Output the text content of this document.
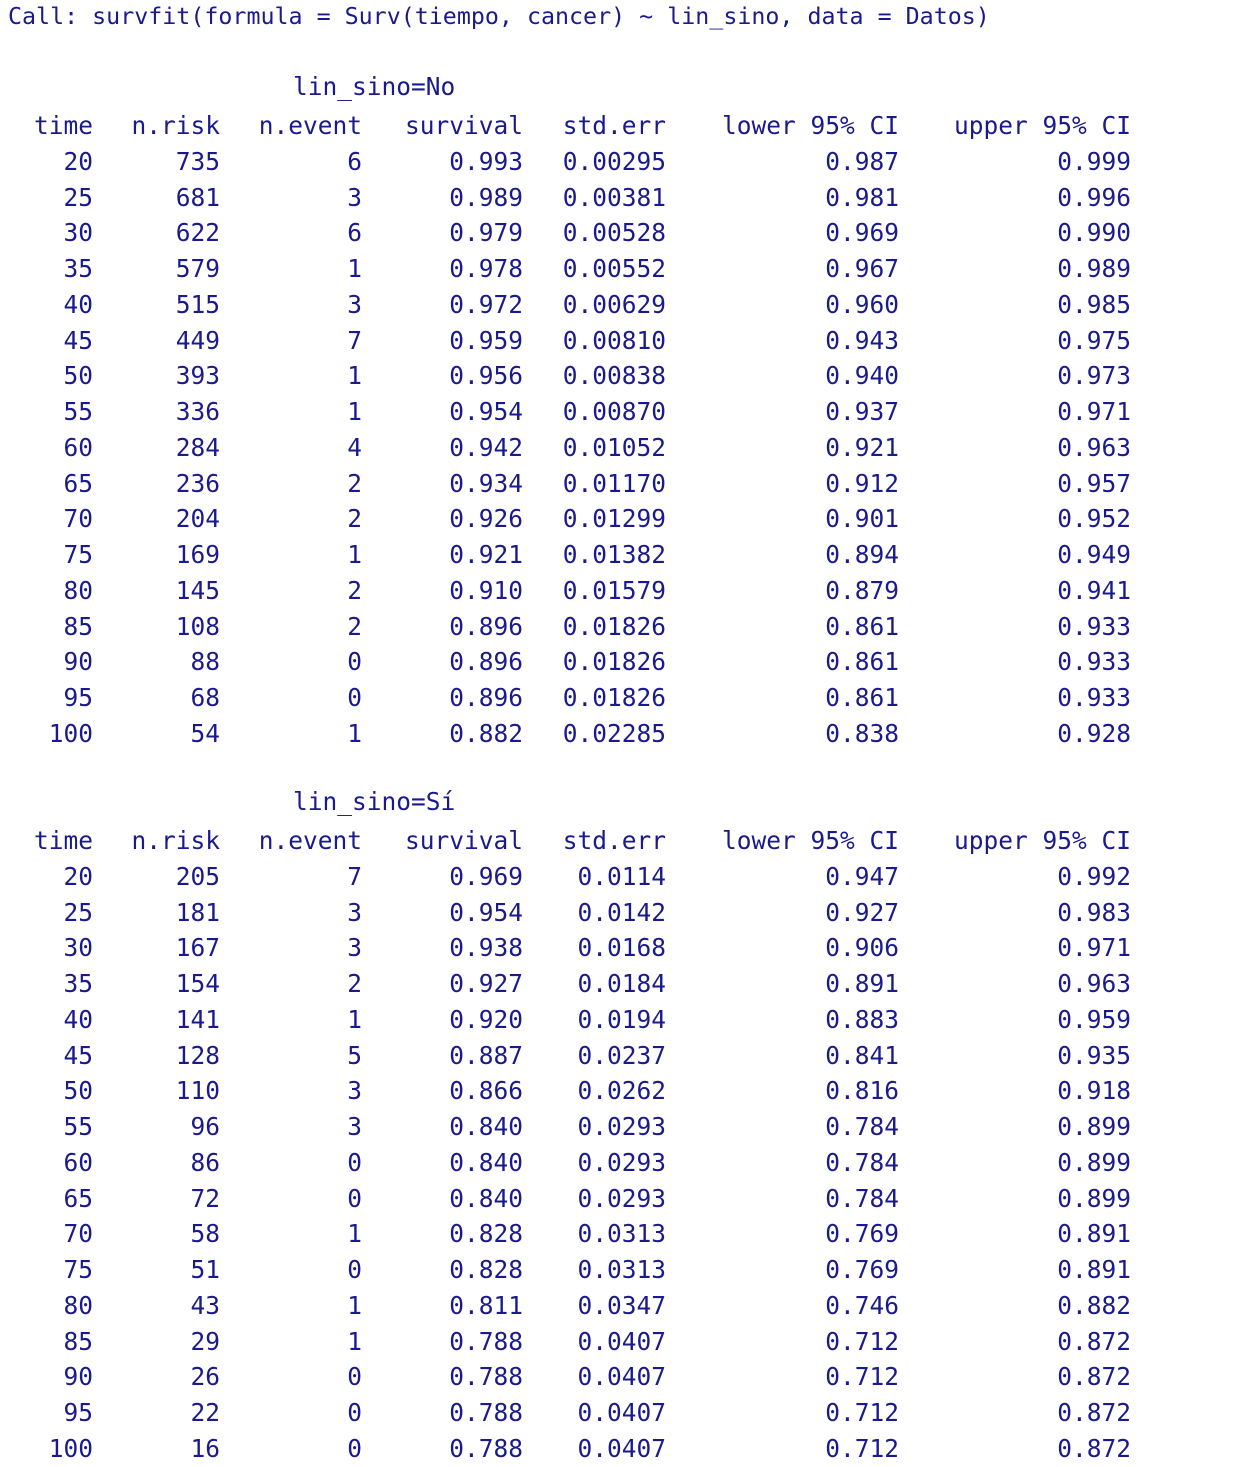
Call: survfit(formula = Surv(tiempo, cancer) ~ lin_sino, data = Datos)
lin_sino=No
time	n.risk	n.event	survival	std.err	lower 95% CI	upper 95% CI
20	735	6	0.993	0.00295	0.987	0.999
25	681	3	0.989	0.00381	0.981	0.996
30	622	6	0.979	0.00528	0.969	0.990
35	579	1	0.978	0.00552	0.967	0.989
40	515	3	0.972	0.00629	0.960	0.985
45	449	7	0.959	0.00810	0.943	0.975
50	393	1	0.956	0.00838	0.940	0.973
55	336	1	0.954	0.00870	0.937	0.971
60	284	4	0.942	0.01052	0.921	0.963
65	236	2	0.934	0.01170	0.912	0.957
70	204	2	0.926	0.01299	0.901	0.952
75	169	1	0.921	0.01382	0.894	0.949
80	145	2	0.910	0.01579	0.879	0.941
85	108	2	0.896	0.01826	0.861	0.933
90	88	0	0.896	0.01826	0.861	0.933
95	68	0	0.896	0.01826	0.861	0.933
100	54	1	0.882	0.02285	0.838	0.928
lin_sino=Sí
time	n.risk	n.event	survival	std.err	lower 95% CI	upper 95% CI
20	205	7	0.969	0.0114	0.947	0.992
25	181	3	0.954	0.0142	0.927	0.983
30	167	3	0.938	0.0168	0.906	0.971
35	154	2	0.927	0.0184	0.891	0.963
40	141	1	0.920	0.0194	0.883	0.959
45	128	5	0.887	0.0237	0.841	0.935
50	110	3	0.866	0.0262	0.816	0.918
55	96	3	0.840	0.0293	0.784	0.899
60	86	0	0.840	0.0293	0.784	0.899
65	72	0	0.840	0.0293	0.784	0.899
70	58	1	0.828	0.0313	0.769	0.891
75	51	0	0.828	0.0313	0.769	0.891
80	43	1	0.811	0.0347	0.746	0.882
85	29	1	0.788	0.0407	0.712	0.872
90	26	0	0.788	0.0407	0.712	0.872
95	22	0	0.788	0.0407	0.712	0.872
100	16	0	0.788	0.0407	0.712	0.872
